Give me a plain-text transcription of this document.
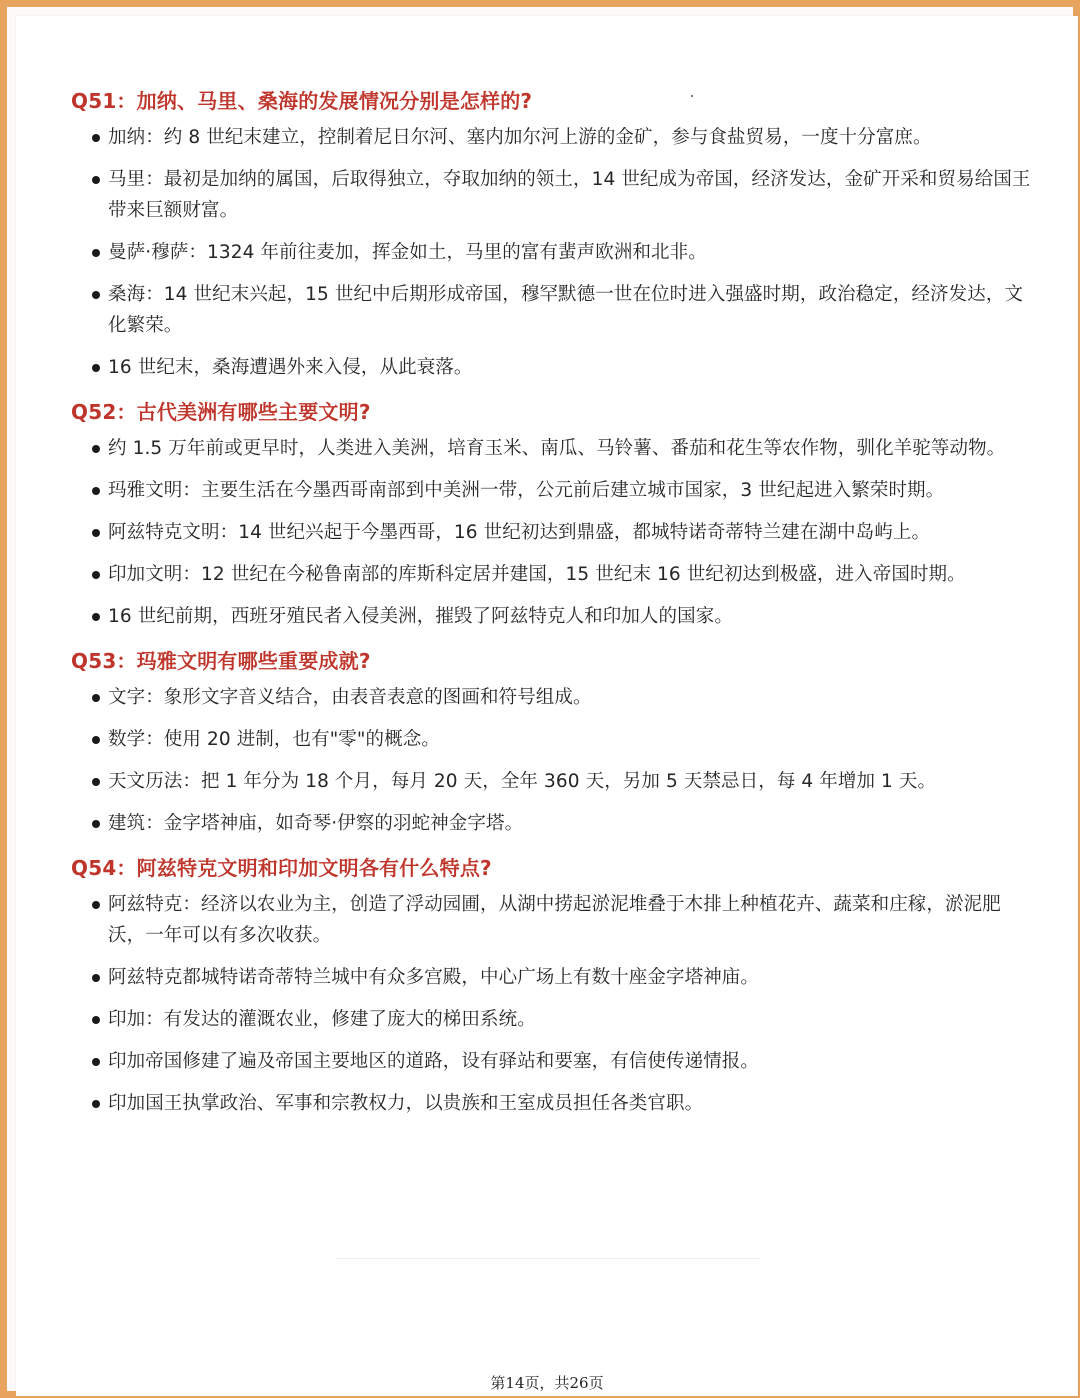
Q51：加纳、马里、桑海的发展情况分别是怎样的?
加纳：约 8 世纪末建立，控制着尼日尔河、塞内加尔河上游的金矿，参与食盐贸易，一度十分富庶。
马里：最初是加纳的属国，后取得独立，夺取加纳的领土，14 世纪成为帝国，经济发达，金矿开采和贸易给国王带来巨额财富。
曼萨·穆萨：1324 年前往麦加，挥金如土，马里的富有蜚声欧洲和北非。
桑海：14 世纪末兴起，15 世纪中后期形成帝国，穆罕默德一世在位时进入强盛时期，政治稳定，经济发达，文化繁荣。
16 世纪末，桑海遭遇外来入侵，从此衰落。
Q52：古代美洲有哪些主要文明?
约 1.5 万年前或更早时，人类进入美洲，培育玉米、南瓜、马铃薯、番茄和花生等农作物，驯化羊驼等动物。
玛雅文明：主要生活在今墨西哥南部到中美洲一带，公元前后建立城市国家，3 世纪起进入繁荣时期。
阿兹特克文明：14 世纪兴起于今墨西哥，16 世纪初达到鼎盛，都城特诺奇蒂特兰建在湖中岛屿上。
印加文明：12 世纪在今秘鲁南部的库斯科定居并建国，15 世纪末 16 世纪初达到极盛，进入帝国时期。
16 世纪前期，西班牙殖民者入侵美洲，摧毁了阿兹特克人和印加人的国家。
Q53：玛雅文明有哪些重要成就?
文字：象形文字音义结合，由表音表意的图画和符号组成。
数学：使用 20 进制，也有"零"的概念。
天文历法：把 1 年分为 18 个月，每月 20 天，全年 360 天，另加 5 天禁忌日，每 4 年增加 1 天。
建筑：金字塔神庙，如奇琴·伊察的羽蛇神金字塔。
Q54：阿兹特克文明和印加文明各有什么特点?
阿兹特克：经济以农业为主，创造了浮动园圃，从湖中捞起淤泥堆叠于木排上种植花卉、蔬菜和庄稼，淤泥肥沃，一年可以有多次收获。
阿兹特克都城特诺奇蒂特兰城中有众多宫殿，中心广场上有数十座金字塔神庙。
印加：有发达的灌溉农业，修建了庞大的梯田系统。
印加帝国修建了遍及帝国主要地区的道路，设有驿站和要塞，有信使传递情报。
印加国王执掌政治、军事和宗教权力，以贵族和王室成员担任各类官职。
第14页，共26页
